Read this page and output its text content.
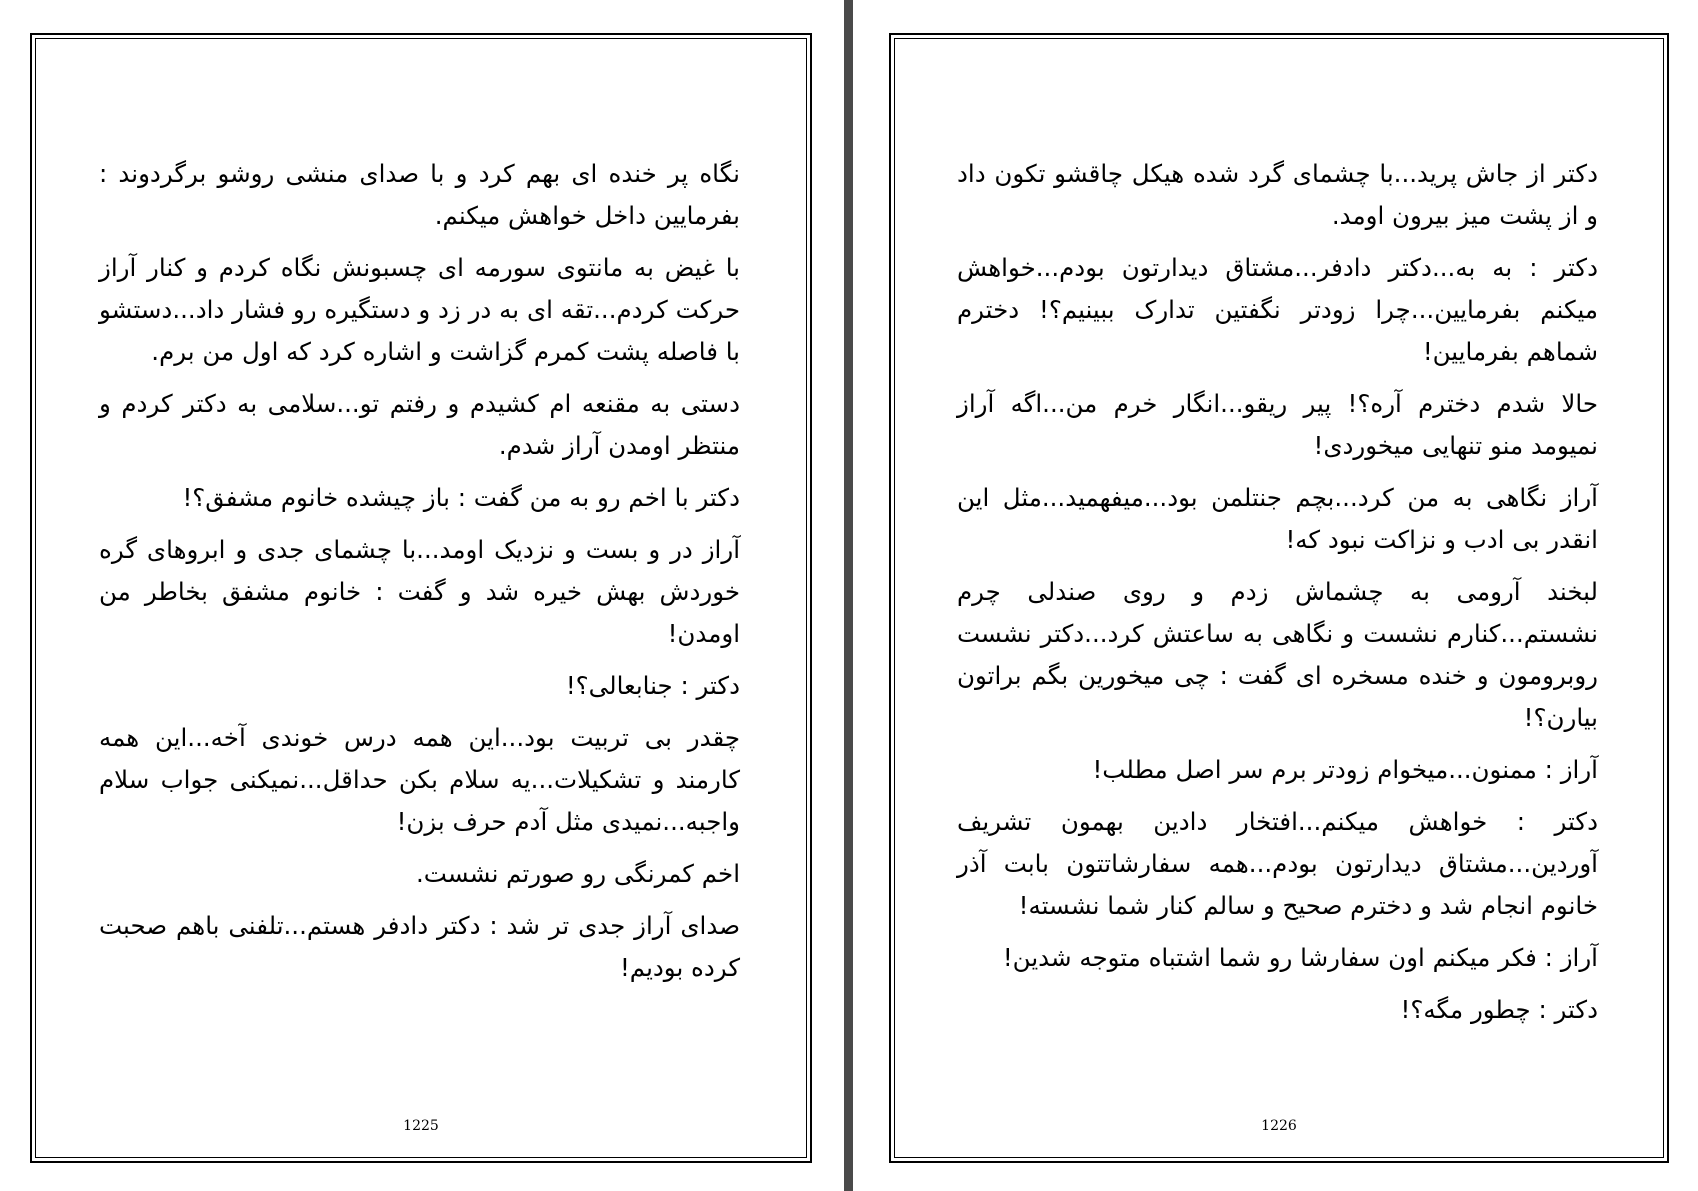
نگاه پر خنده ای بهم کرد و با صدای منشی روشو برگردوند : بفرمایین داخل خواهش میکنم.

با غیض به مانتوی سورمه ای چسبونش نگاه کردم و کنار آراز حرکت کردم...تقه ای به در زد و دستگیره رو فشار داد...دستشو با فاصله پشت کمرم گزاشت و اشاره کرد که اول من برم.

دستی به مقنعه ام کشیدم و رفتم تو...سلامی به دکتر کردم و منتظر اومدن آراز شدم.

دکتر با اخم رو به من گفت : باز چیشده خانوم مشفق؟!

آراز در و بست و نزدیک اومد...با چشمای جدی و ابروهای گره خوردش بهش خیره شد و گفت : خانوم مشفق بخاطر من اومدن!

دکتر : جنابعالی؟!

چقدر بی تربیت بود...این همه درس خوندی آخه...این همه کارمند و تشکیلات...یه سلام بکن حداقل...نمیکنی جواب سلام واجبه...نمیدی مثل آدم حرف بزن!

اخم کمرنگی رو صورتم نشست.

صدای آراز جدی تر شد : دکتر دادفر هستم...تلفنی باهم صحبت کرده بودیم!

1225

دکتر از جاش پرید...با چشمای گرد شده هیکل چاقشو تکون داد و از پشت میز بیرون اومد.

دکتر : به به...دکتر دادفر...مشتاق دیدارتون بودم...خواهش میکنم بفرمایین...چرا زودتر نگفتین تدارک ببینیم؟! دخترم شماهم بفرمایین!

حالا شدم دخترم آره؟! پیر ریقو...انگار خرم من...اگه آراز نمیومد منو تنهایی میخوردی!

آراز نگاهی به من کرد...بچم جنتلمن بود...میفهمید...مثل این انقدر بی ادب و نزاکت نبود که!

لبخند آرومی به چشماش زدم و روی صندلی چرم نشستم...کنارم نشست و نگاهی به ساعتش کرد...دکتر نشست روبرومون و خنده مسخره ای گفت : چی میخورین بگم براتون بیارن؟!

آراز : ممنون...میخوام زودتر برم سر اصل مطلب!

دکتر : خواهش میکنم...افتخار دادین بهمون تشریف آوردین...مشتاق دیدارتون بودم...همه سفارشاتتون بابت آذر خانوم انجام شد و دخترم صحیح و سالم کنار شما نشسته!

آراز : فکر میکنم اون سفارشا رو شما اشتباه متوجه شدین!

دکتر : چطور مگه؟!

1226
